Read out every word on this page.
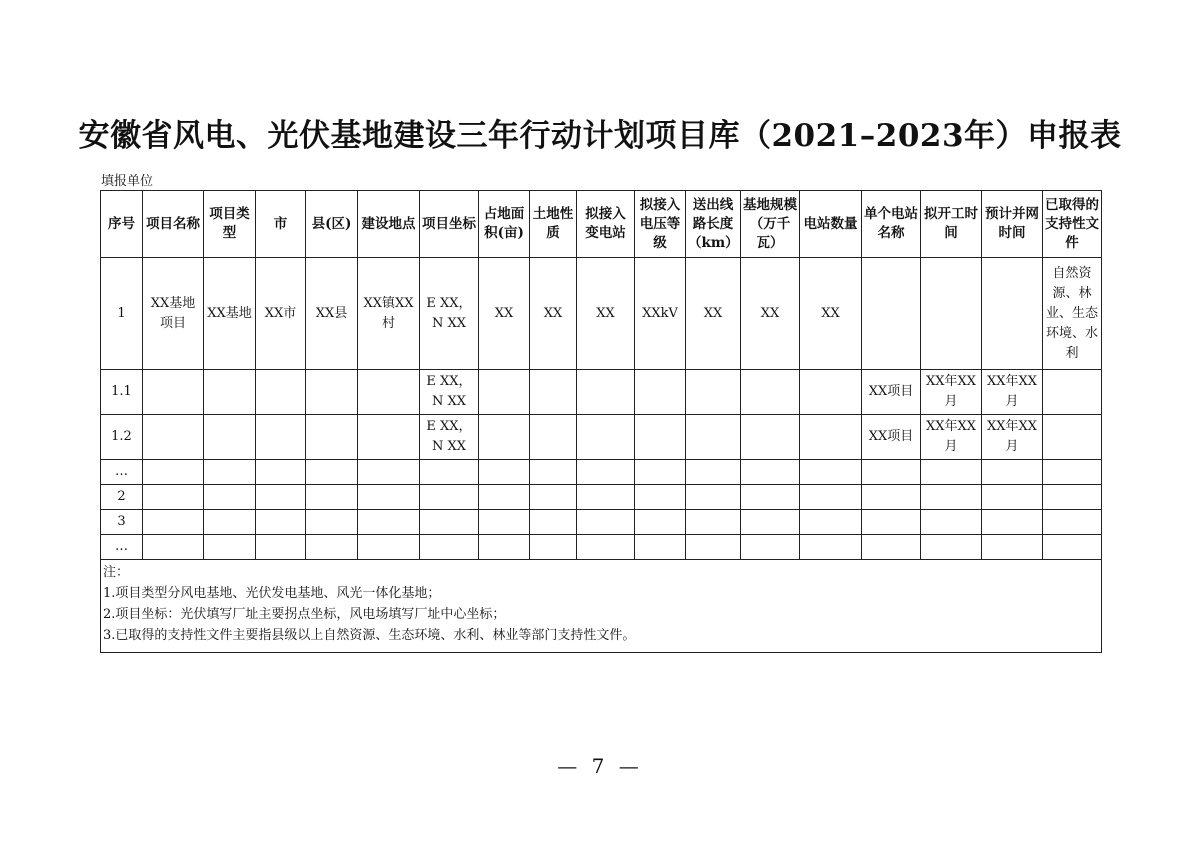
安徽省风电、光伏基地建设三年行动计划项目库（2021–2023年）申报表
填报单位
序号	项目名称	项目类型	市	县(区)	建设地点	项目坐标	占地面积(亩)	土地性质	拟接入变电站	拟接入电压等级	送出线路长度（km）	基地规模（万千瓦）	电站数量	单个电站名称	拟开工时间	预计并网时间	已取得的支持性文件
1	XX基地项目	XX基地	XX市	XX县	XX镇XX村	E XX，N XX	XX	XX	XX	XXkV	XX	XX	XX				自然资源、林业、生态环境、水利
1.1						E XX，N XX								XX项目	XX年XX月	XX年XX月	
1.2						E XX，N XX								XX项目	XX年XX月	XX年XX月	
…																	
2																	
3																	
…																	

注：
1.项目类型分风电基地、光伏发电基地、风光一体化基地；
2.项目坐标：光伏填写厂址主要拐点坐标，风电场填写厂址中心坐标；
3.已取得的支持性文件主要指县级以上自然资源、生态环境、水利、林业等部门支持性文件。																	
— 7 —
